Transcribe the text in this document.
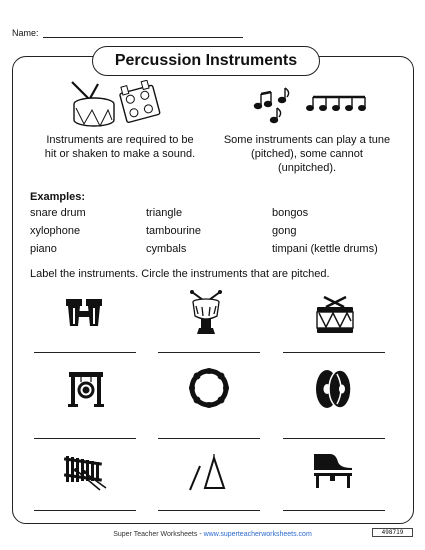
Name:
Percussion Instruments
Instruments are required to be hit or shaken to make a sound.
Some instruments can play a tune (pitched), some cannot (unpitched).
Examples:
snare drum	triangle	bongos
xylophone	tambourine	gong
piano	cymbals	timpani (kettle drums)
Label the instruments. Circle the instruments that are pitched.
Super Teacher Worksheets - www.superteacherworksheets.com	498719
